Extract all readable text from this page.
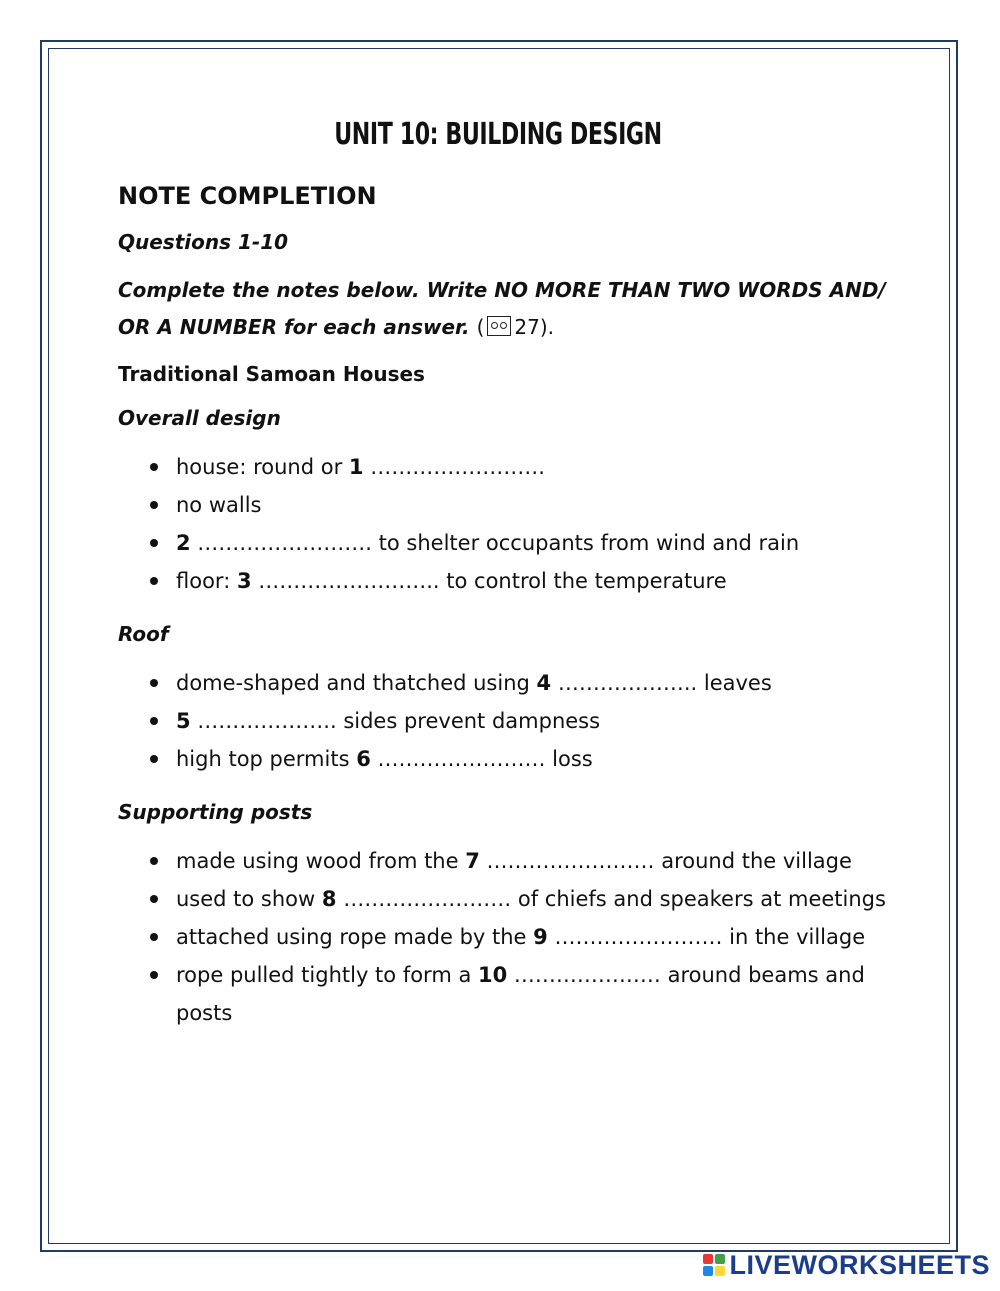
UNIT 10: BUILDING DESIGN
NOTE COMPLETION
Questions 1-10
Complete the notes below. Write NO MORE THAN TWO WORDS AND/
OR A NUMBER for each answer. ( 27).
Traditional Samoan Houses
Overall design
house: round or 1 …………………….
no walls
2 ……………………. to shelter occupants from wind and rain
floor: 3 …………………….. to control the temperature
Roof
dome-shaped and thatched using 4 ……………….. leaves
5 ……………….. sides prevent dampness
high top permits 6 …………………… loss
Supporting posts
made using wood from the 7 …………………… around the village
used to show 8 …………………… of chiefs and speakers at meetings
attached using rope made by the 9 …………………… in the village
rope pulled tightly to form a 10 ………………… around beams and posts
LIVEWORKSHEETS
